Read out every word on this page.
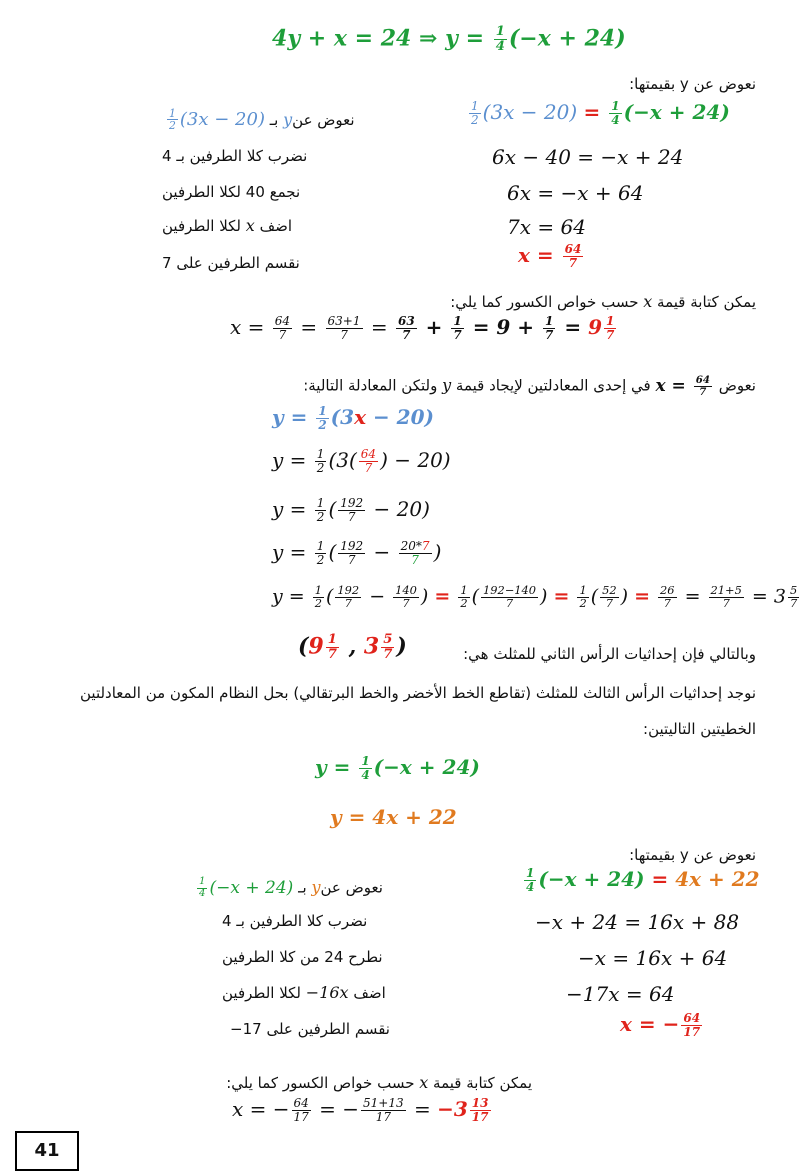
4y + x = 24 ⇒ $y = \frac{1}{4} (-x + 24)$
نعوض عن y بقيمتها:
$\frac{1}{2} (3x - 20) = \frac{1}{4} (-x + 24)$
$\frac{1}{2} (3x - 20)$ بـ yنعوض عن
6x − 40 = −x + 24
نضرب كلا الطرفين بـ 4
6x = −x + 64
نجمع 40 لكلا الطرفين
7x = 64
اضف x لكلا الطرفين
$x = \frac{64}{7}$
نقسم الطرفين على 7
يمكن كتابة قيمة x حسب خواص الكسور كما يلي:
$x = \frac{64}{7} = \frac{63+1}{7} = \frac{63}{7} + \frac{1}{7} = 9 + \frac{1}{7} = 9 \frac{1}{7}$
نعوض
$\frac{64}{7}$
= x في إحدى المعادلتين لإيجاد قيمة y ولتكن المعادلة التالية:
$y = \frac{1}{2} (3x - 20)$
$y = \frac{1}{2} (3( \frac{64}{7}$ ) − 20)
$y = \frac{1}{2}$ ( $\frac{192}{7} - 20$)
$y = \frac{1}{2}$ ( $\frac{192}{7} - \frac{20*7}{7}$ )
$y = \frac{1}{2}$ ( $\frac{192}{7} - \frac{140}{7}$ ) = $\frac{1}{2}$ ( $\frac{192-140}{7}$ ) = $\frac{1}{2}$ ( $\frac{52}{7}$ ) = $\frac{26}{7} = \frac{21+5}{7} = 3 \frac{5}{7}$
($9 \frac{1}{7}$ , $3 \frac{5}{7}$ )	وبالتالي فإن إحداثيات الرأس الثاني للمثلث هي:
نوجد إحداثيات الرأس الثالث للمثلث (تقاطع الخط الأخضر والخط البرتقالي) بحل النظام المكون من المعادلتين
الخطيتين التاليتين:
$y = \frac{1}{4} (-x + 24)$
y = 4x + 22
نعوض عن y بقيمتها:
$\frac{1}{4} (-x + 24) = 4x + 22$
$\frac{1}{4} (-x + 24)$ بـ yنعوض عن
−x + 24 = 16x + 88
نضرب كلا الطرفين بـ 4
−x = 16x + 64
نطرح 24 من كلا الطرفين
−17x = 64
اضف 16x− لكلا الطرفين
x = − $\frac{64}{17}$
نقسم الطرفين على 17−
يمكن كتابة قيمة x حسب خواص الكسور كما يلي:
x = − $\frac{64}{17}$ = − $\frac{51+13}{17} = -3 \frac{13}{17}$
41
